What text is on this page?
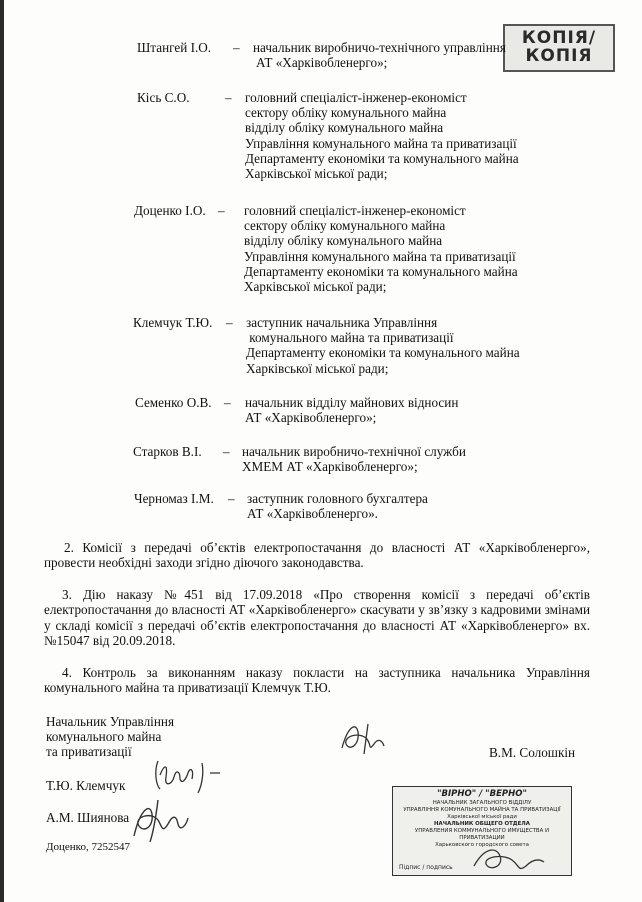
КОПІЯ/
КОПІЯ
Штангей І.О. – начальник виробничо-технічного управління
АТ «Харківобленерго»;
Кісь С.О.	– головний спеціаліст-інженер-економіст
сектору обліку комунального майна
відділу обліку комунального майна
Управління комунального майна та приватизації
Департаменту економіки та комунального майна
Харківської міської ради;
Доценко І.О. – головний спеціаліст-інженер-економіст
сектору обліку комунального майна
відділу обліку комунального майна
Управління комунального майна та приватизації
Департаменту економіки та комунального майна
Харківської міської ради;
Клемчук Т.Ю. – заступник начальника Управління
комунального майна та приватизації
Департаменту економіки та комунального майна
Харківської міської ради;
Семенко О.В. – начальник відділу майнових відносин
АТ «Харківобленерго»;
Старков В.І. – начальник виробничо-технічної служби
ХМЕМ АТ «Харківобленерго»;
Черномаз І.М. – заступник головного бухгалтера
АТ «Харківобленерго».
2. Комісії з передачі об’єктів електропостачання до власності АТ «Харківобленерго», провести необхідні заходи згідно діючого законодавства.
3. Дію наказу №451 від 17.09.2018 «Про створення комісії з передачі об’єктів електропостачання до власності АТ «Харківобленерго» скасувати у зв’язку з кадровими змінами у складі комісії з передачі об’єктів електропостачання до власності АТ «Харківобленерго» вх. №15047 від 20.09.2018.
4. Контроль за виконанням наказу покласти на заступника начальника Управління комунального майна та приватизації Клемчук Т.Ю.
Начальник Управління
комунального майна
та приватизації	В.М. Солошкін
Т.Ю. Клемчук
А.М. Шиянова
Доценко, 7252547
"ВІРНО" / "ВЕРНО"
НАЧАЛЬНИК ЗАГАЛЬНОГО ВІДДІЛУ
УПРАВЛІННЯ КОМУНАЛЬНОГО МАЙНА ТА ПРИВАТИЗАЦІЇ
Харківської міської ради
НАЧАЛЬНИК ОБЩЕГО ОТДЕЛА
УПРАВЛЕНИЯ КОММУНАЛЬНОГО ИМУЩЕСТВА И ПРИВАТИЗАЦИИ
Харьковского городского совета
Підпис / подпись
